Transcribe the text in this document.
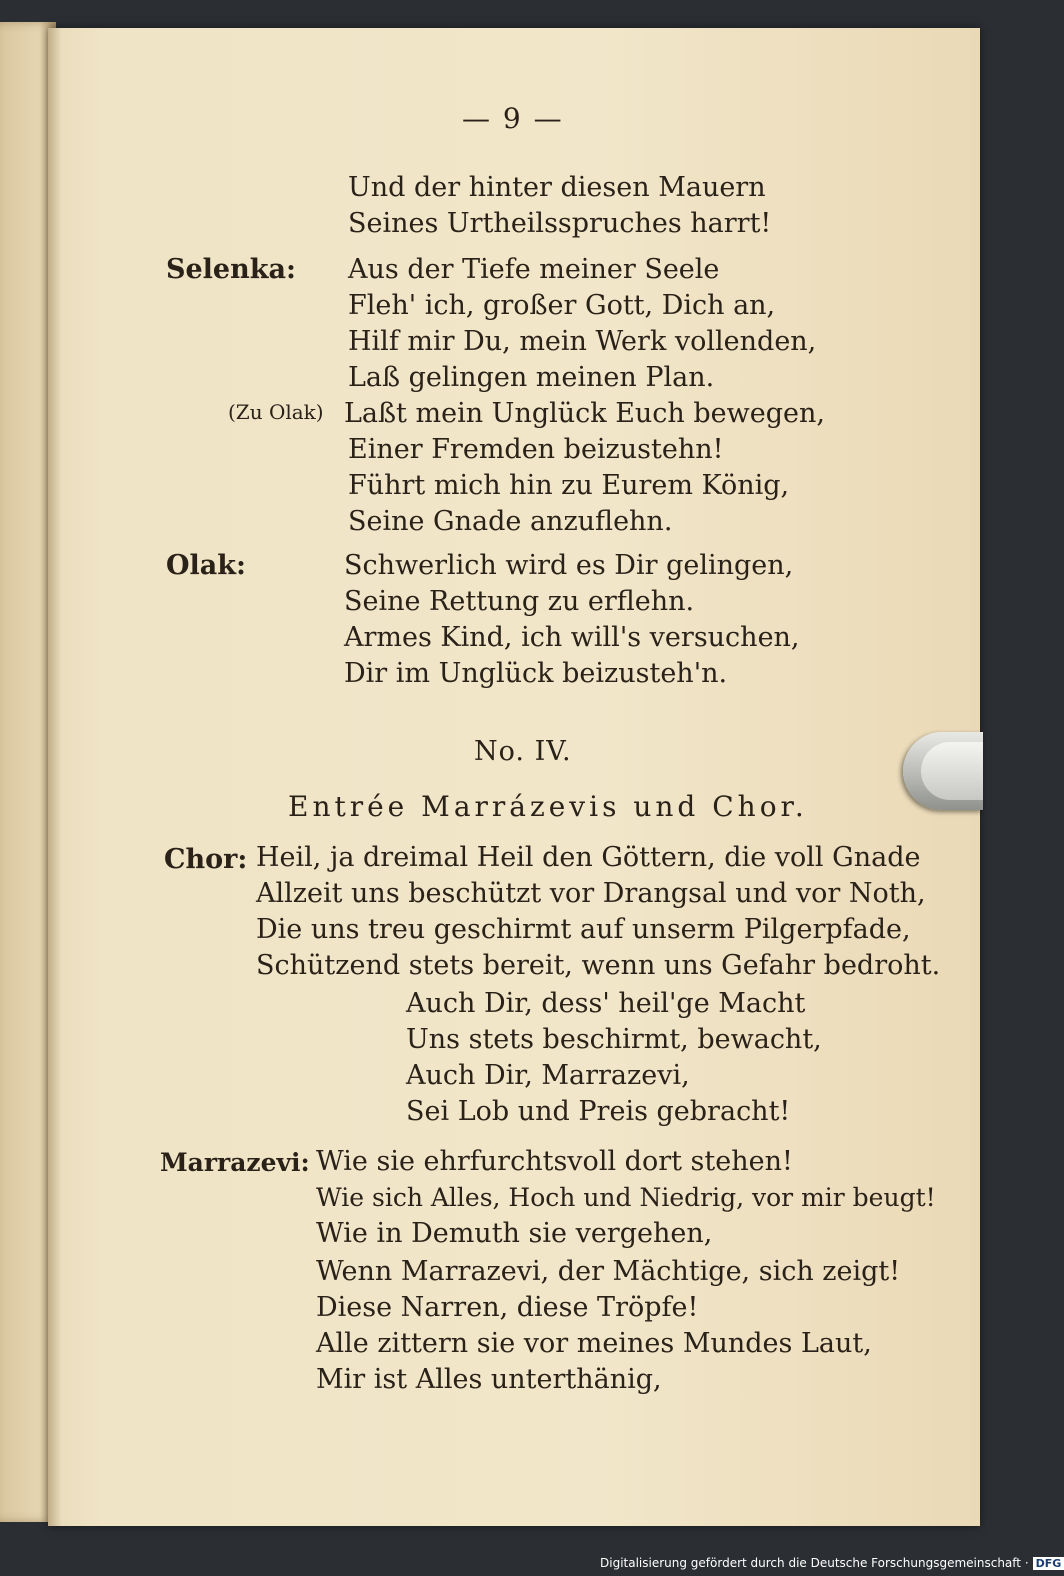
— 9 —
Und der hinter diesen Mauern
Seines Urtheilsspruches harrt!
Selenka: Aus der Tiefe meiner Seele
Fleh' ich, großer Gott, Dich an,
Hilf mir Du, mein Werk vollenden,
Laß gelingen meinen Plan.
(Zu Olak) Laßt mein Unglück Euch bewegen,
Einer Fremden beizustehn!
Führt mich hin zu Eurem König,
Seine Gnade anzuflehn.
Olak:	Schwerlich wird es Dir gelingen,
Seine Rettung zu erflehn.
Armes Kind, ich will's versuchen,
Dir im Unglück beizusteh'n.
No. IV.
Entrée Marrázevis und Chor.
Chor: Heil, ja dreimal Heil den Göttern, die voll Gnade
Allzeit uns beschützt vor Drangsal und vor Noth,
Die uns treu geschirmt auf unserm Pilgerpfade,
Schützend stets bereit, wenn uns Gefahr bedroht.
Auch Dir, dess' heil'ge Macht
Uns stets beschirmt, bewacht,
Auch Dir, Marrazevi,
Sei Lob und Preis gebracht!
Marrazevi: Wie sie ehrfurchtsvoll dort stehen!
Wie sich Alles, Hoch und Niedrig, vor mir beugt!
Wie in Demuth sie vergehen,
Wenn Marrazevi, der Mächtige, sich zeigt!
Diese Narren, diese Tröpfe!
Alle zittern sie vor meines Mundes Laut,
Mir ist Alles unterthänig,
Digitalisierung gefördert durch die Deutsche Forschungsgemeinschaft · DFG
